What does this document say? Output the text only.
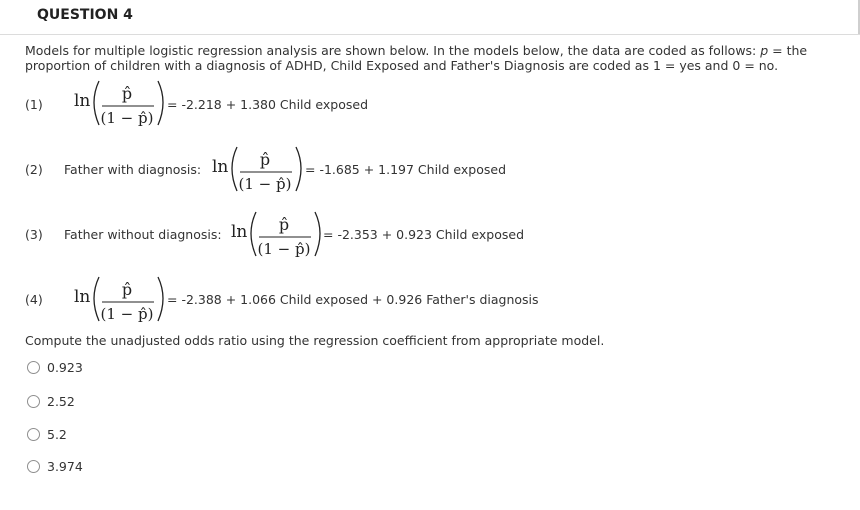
QUESTION 4
Models for multiple logistic regression analysis are shown below. In the models below, the data are coded as follows: p = the proportion of children with a diagnosis of ADHD, Child Exposed and Father's Diagnosis are coded as 1 = yes and 0 = no.
(1) ln p̂
(1 − p̂)
= -2.218 + 1.380 Child exposed
(2) Father with diagnosis: ln p̂
(1 − p̂)
= -1.685 + 1.197 Child exposed
(3) Father without diagnosis: ln p̂
(1 − p̂)
= -2.353 + 0.923 Child exposed
(4) ln p̂
(1 − p̂)
= -2.388 + 1.066 Child exposed + 0.926 Father's diagnosis
Compute the unadjusted odds ratio using the regression coefficient from appropriate model.
0.923
2.52
5.2
3.974
